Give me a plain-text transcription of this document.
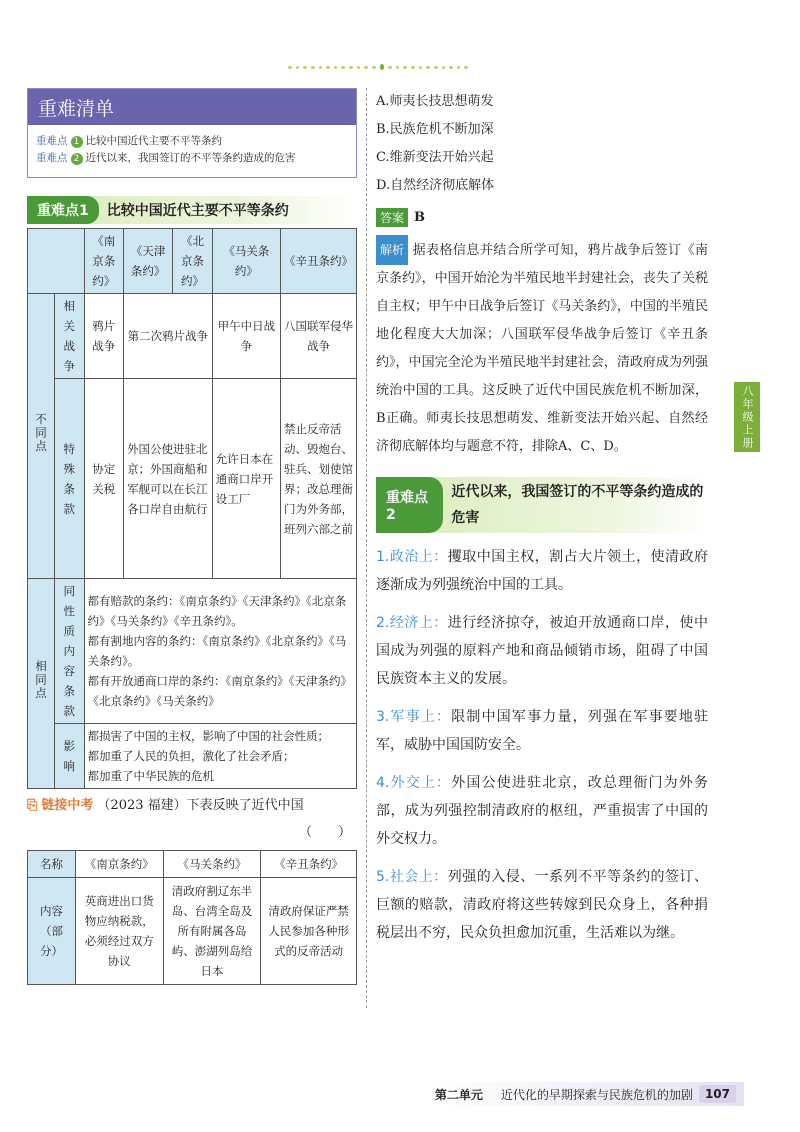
重难清单
重难点 1 比较中国近代主要不平等条约
重难点 2 近代以来，我国签订的不平等条约造成的危害
重难点1	比较中国近代主要不平等条约
		《南京条约》	《天津条约》	《北京条约》	《马关条约》	《辛丑条约》
不同点	相关战争	鸦片战争	第二次鸦片战争		甲午中日战争	八国联军侵华战争
	特殊条款	协定关税	外国公使进驻北京；外国商船和军舰可以在长江各口岸自由航行		允许日本在通商口岸开设工厂	禁止反帝活动、毁炮台、驻兵、划使馆界；改总理衙门为外务部，班列六部之前
相同点	同性质内容条款	都有赔款的条约：《南京条约》《天津条约》《北京条约》《马关条约》《辛丑条约》。
都有割地内容的条约：《南京条约》《北京条约》《马关条约》。
都有开放通商口岸的条约：《南京条约》《天津条约》《北京条约》《马关条约》				

	影响	都损害了中国的主权，影响了中国的社会性质；
都加重了人民的负担，激化了社会矛盾；
都加重了中华民族的危机				
⎘ 链接中考 （2023 福建）下表反映了近代中国
（　　）
名称	《南京条约》	《马关条约》	《辛丑条约》
内容（部分）	英商进出口货物应纳税款，必须经过双方协议	清政府割辽东半岛、台湾全岛及所有附属各岛屿、澎湖列岛给日本	清政府保证严禁人民参加各种形式的反帝活动
A.师夷长技思想萌发
B.民族危机不断加深
C.维新变法开始兴起
D.自然经济彻底解体
答案 B
解析 据表格信息并结合所学可知，鸦片战争后签订《南京条约》，中国开始沦为半殖民地半封建社会，丧失了关税自主权；甲午中日战争后签订《马关条约》，中国的半殖民地化程度大大加深；八国联军侵华战争后签订《辛丑条约》，中国完全沦为半殖民地半封建社会，清政府成为列强统治中国的工具。这反映了近代中国民族危机不断加深，B正确。师夷长技思想萌发、维新变法开始兴起、自然经济彻底解体均与题意不符，排除A、C、D。
重难点2
近代以来，我国签订的不平等条约造成的危害
1.政治上：攫取中国主权，割占大片领土，使清政府逐渐成为列强统治中国的工具。
2.经济上：进行经济掠夺，被迫开放通商口岸，使中国成为列强的原料产地和商品倾销市场，阻碍了中国民族资本主义的发展。
3.军事上：限制中国军事力量，列强在军事要地驻军，威胁中国国防安全。
4.外交上：外国公使进驻北京，改总理衙门为外务部，成为列强控制清政府的枢纽，严重损害了中国的外交权力。
5.社会上：列强的入侵、一系列不平等条约的签订、巨额的赔款，清政府将这些转嫁到民众身上，各种捐税层出不穷，民众负担愈加沉重，生活难以为继。
八年级上册
第二单元 近代化的早期探索与民族危机的加剧	107
